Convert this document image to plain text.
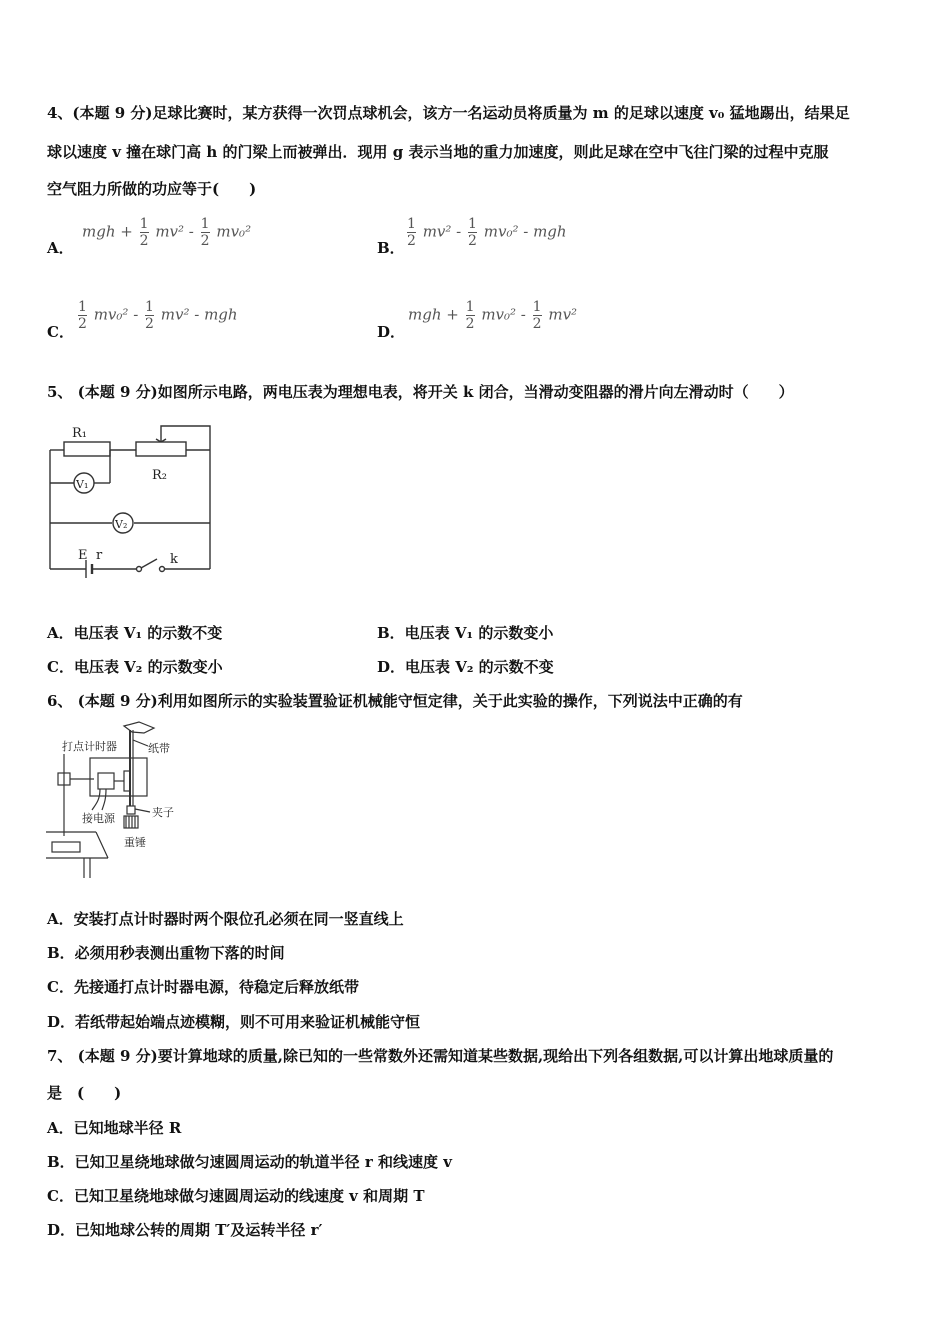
4、(本题 9 分)足球比赛时，某方获得一次罚点球机会，该方一名运动员将质量为 m 的足球以速度 v₀ 猛地踢出，结果足
球以速度 v 撞在球门高 h 的门梁上而被弹出．现用 g 表示当地的重力加速度，则此足球在空中飞往门梁的过程中克服
空气阻力所做的功应等于(　　)
A．
mgh + $\frac{1}{2} mv^2 - \frac{1}{2} mv_0^2$
B． $\frac{1}{2} mv^2 - \frac{1}{2} mv_0^2$ - mgh
C． $\frac{1}{2} mv_0^2 - \frac{1}{2} mv^2$ - mgh
D．
mgh + $\frac{1}{2} mv_0^2 - \frac{1}{2} mv^2$
5、 (本题 9 分)如图所示电路，两电压表为理想电表，将开关 k 闭合，当滑动变阻器的滑片向左滑动时（　　）
R₁
R₂
V₁
V₂
E r	k
A．电压表 V₁ 的示数不变	B．电压表 V₁ 的示数变小
C．电压表 V₂ 的示数变小	D．电压表 V₂ 的示数不变
6、 (本题 9 分)利用如图所示的实验装置验证机械能守恒定律，关于此实验的操作，下列说法中正确的有
打点计时器	纸带
接电源	夹子
重锤
A．安装打点计时器时两个限位孔必须在同一竖直线上
B．必须用秒表测出重物下落的时间
C．先接通打点计时器电源，待稳定后释放纸带
D．若纸带起始端点迹模糊，则不可用来验证机械能守恒
7、 (本题 9 分)要计算地球的质量,除已知的一些常数外还需知道某些数据,现给出下列各组数据,可以计算出地球质量的
是　(　　)
A．已知地球半径 R
B．已知卫星绕地球做匀速圆周运动的轨道半径 r 和线速度 v
C．已知卫星绕地球做匀速圆周运动的线速度 v 和周期 T
D．已知地球公转的周期 T′及运转半径 r′
